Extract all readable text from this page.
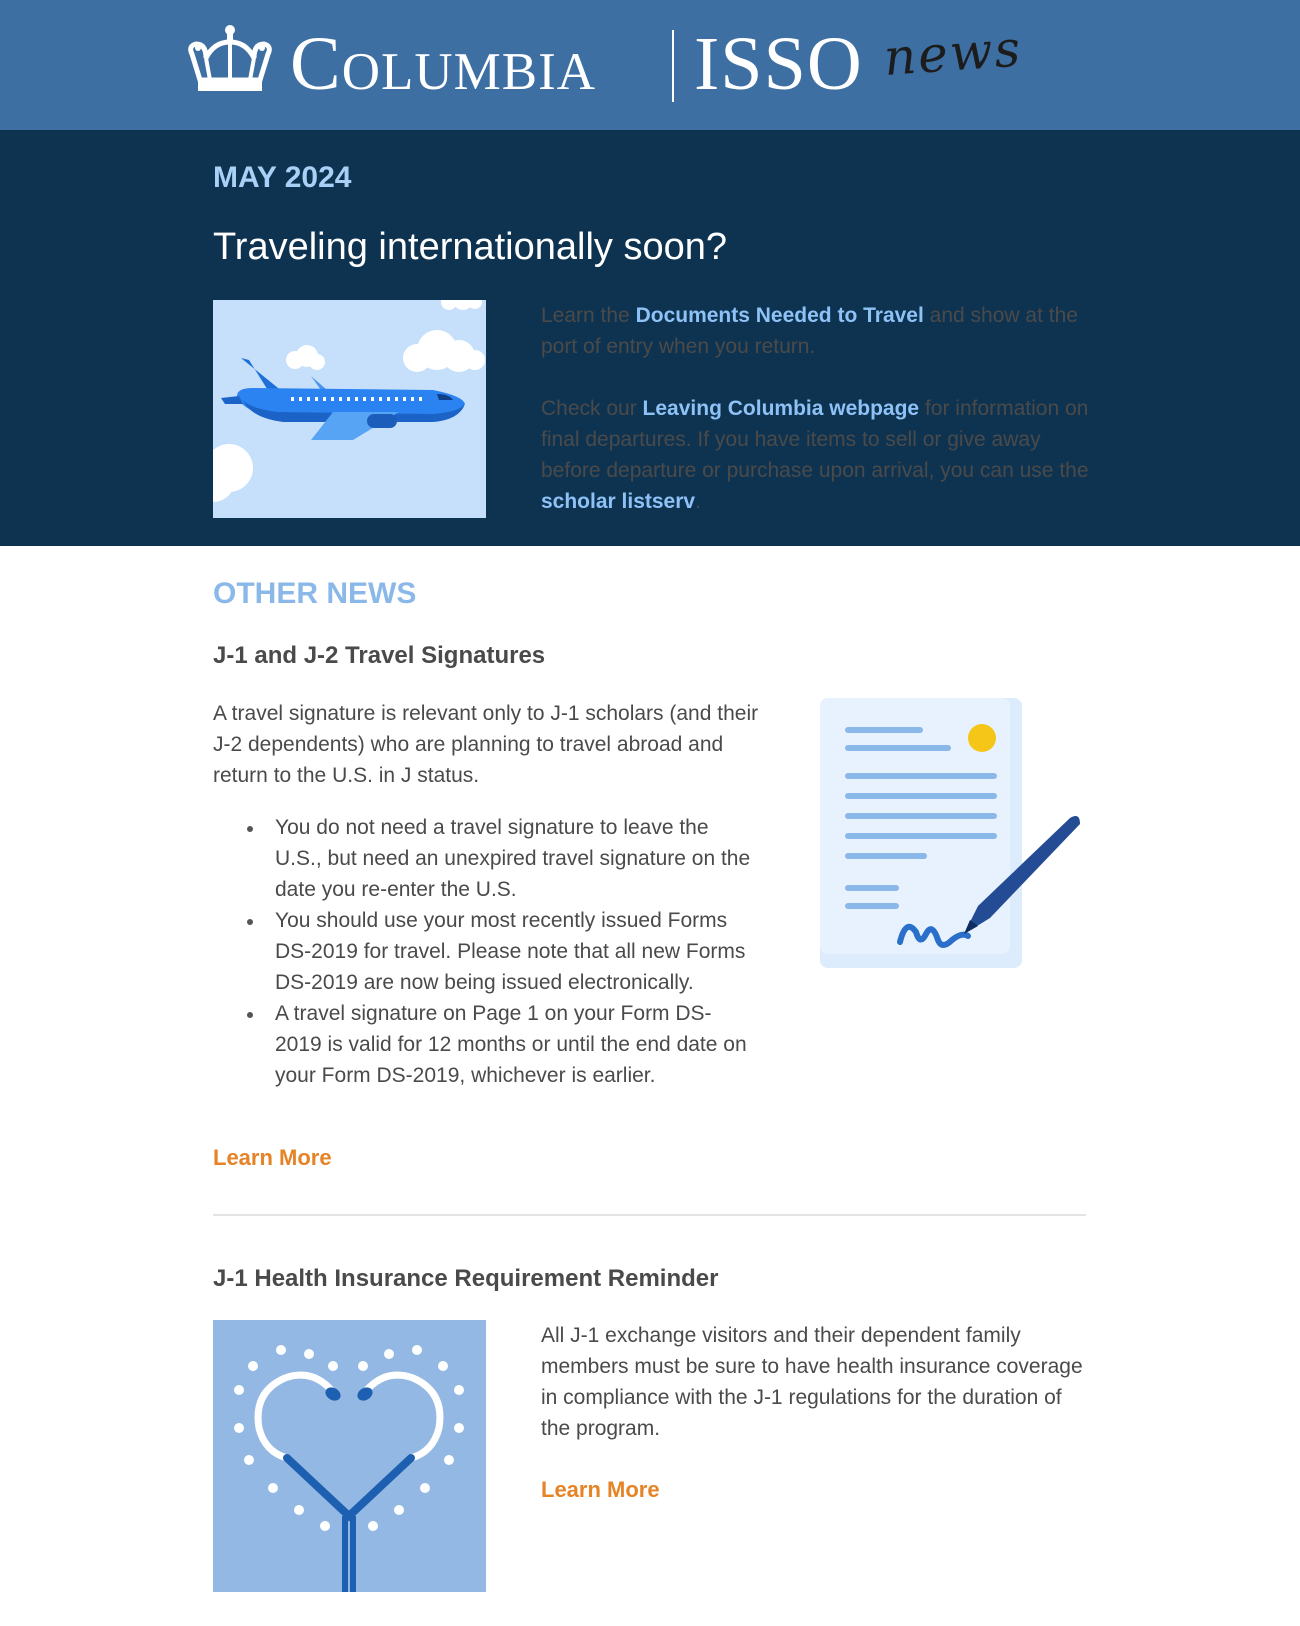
Columbia ISSO news
MAY 2024
Traveling internationally soon?

Learn the Documents Needed to Travel and show at the port of entry when you return.

Check our Leaving Columbia webpage for information on final departures. If you have items to sell or give away before departure or purchase upon arrival, you can use the scholar listserv.

OTHER NEWS
J-1 and J-2 Travel Signatures

A travel signature is relevant only to J-1 scholars (and their J-2 dependents) who are planning to travel abroad and return to the U.S. in J status.

You do not need a travel signature to leave the U.S., but need an unexpired travel signature on the date you re-enter the U.S.
You should use your most recently issued Forms DS-2019 for travel. Please note that all new Forms DS-2019 are now being issued electronically.
A travel signature on Page 1 on your Form DS-2019 is valid for 12 months or until the end date on your Form DS-2019, whichever is earlier.
Learn More
J-1 Health Insurance Requirement Reminder

All J-1 exchange visitors and their dependent family members must be sure to have health insurance coverage in compliance with the J-1 regulations for the duration of the program.

Learn More
